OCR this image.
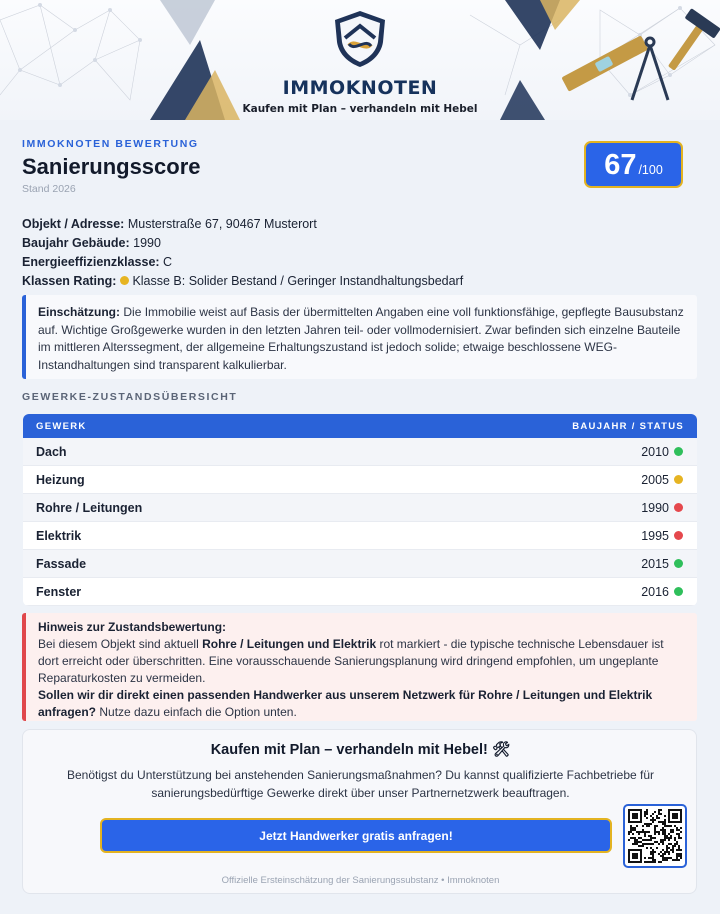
IMMOKNOTEN
Kaufen mit Plan – verhandeln mit Hebel
IMMOKNOTEN BEWERTUNG
Sanierungsscore
Stand 2026
67 /100
Objekt / Adresse: Musterstraße 67, 90467 Musterort
Baujahr Gebäude: 1990
Energieeffizienzklasse: C
Klassen Rating: Klasse B: Solider Bestand / Geringer Instandhaltungsbedarf
Einschätzung: Die Immobilie weist auf Basis der übermittelten Angaben eine voll funktionsfähige, gepflegte Bausubstanz auf. Wichtige Großgewerke wurden in den letzten Jahren teil- oder vollmodernisiert. Zwar befinden sich einzelne Bauteile im mittleren Alterssegment, der allgemeine Erhaltungszustand ist jedoch solide; etwaige beschlossene WEG-Instandhaltungen sind transparent kalkulierbar.
GEWERKE-ZUSTANDSÜBERSICHT
GEWERK	BAUJAHR / STATUS
Dach	2010
Heizung	2005
Rohre / Leitungen	1990
Elektrik	1995
Fassade	2015
Fenster	2016
Hinweis zur Zustandsbewertung:
Bei diesem Objekt sind aktuell Rohre / Leitungen und Elektrik rot markiert - die typische technische Lebensdauer ist dort erreicht oder überschritten. Eine vorausschauende Sanierungsplanung wird dringend empfohlen, um ungeplante Reparaturkosten zu vermeiden.
Sollen wir dir direkt einen passenden Handwerker aus unserem Netzwerk für Rohre / Leitungen und Elektrik anfragen? Nutze dazu einfach die Option unten.
Kaufen mit Plan – verhandeln mit Hebel! 🛠
Benötigst du Unterstützung bei anstehenden Sanierungsmaßnahmen? Du kannst qualifizierte Fachbetriebe für sanierungsbedürftige Gewerke direkt über unser Partnernetzwerk beauftragen.
Jetzt Handwerker gratis anfragen!
Offizielle Ersteinschätzung der Sanierungssubstanz • Immoknoten
